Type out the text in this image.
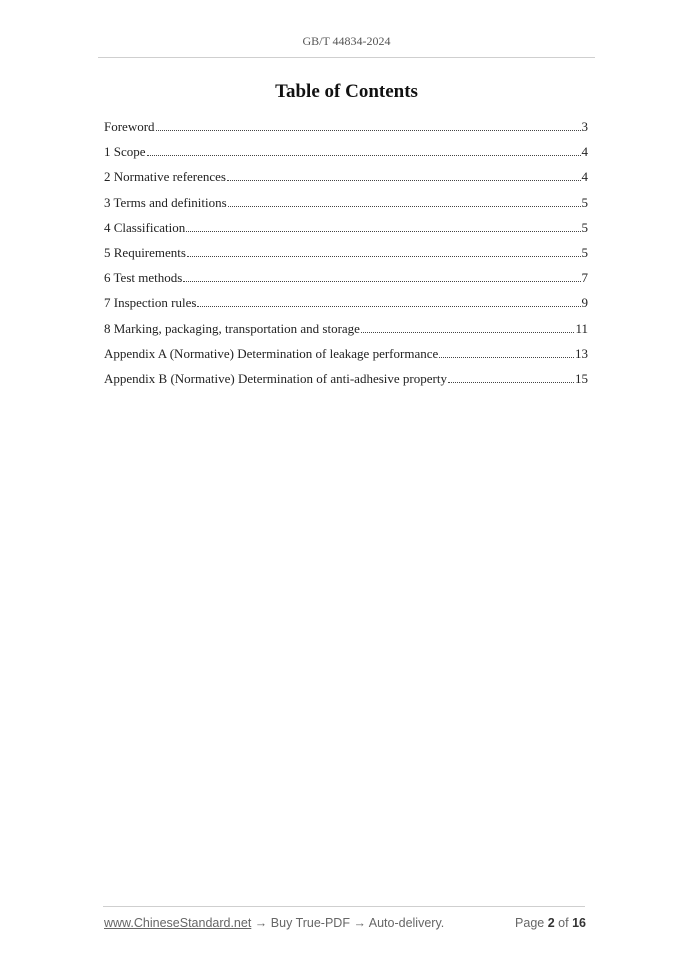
GB/T 44834-2024
Table of Contents
Foreword	3
1 Scope	4
2 Normative references	4
3 Terms and definitions	5
4 Classification	5
5 Requirements	5
6 Test methods	7
7 Inspection rules	9
8 Marking, packaging, transportation and storage	11
Appendix A (Normative) Determination of leakage performance	13
Appendix B (Normative) Determination of anti-adhesive property	15
www.ChineseStandard.net → Buy True-PDF → Auto-delivery.	Page 2 of 16
